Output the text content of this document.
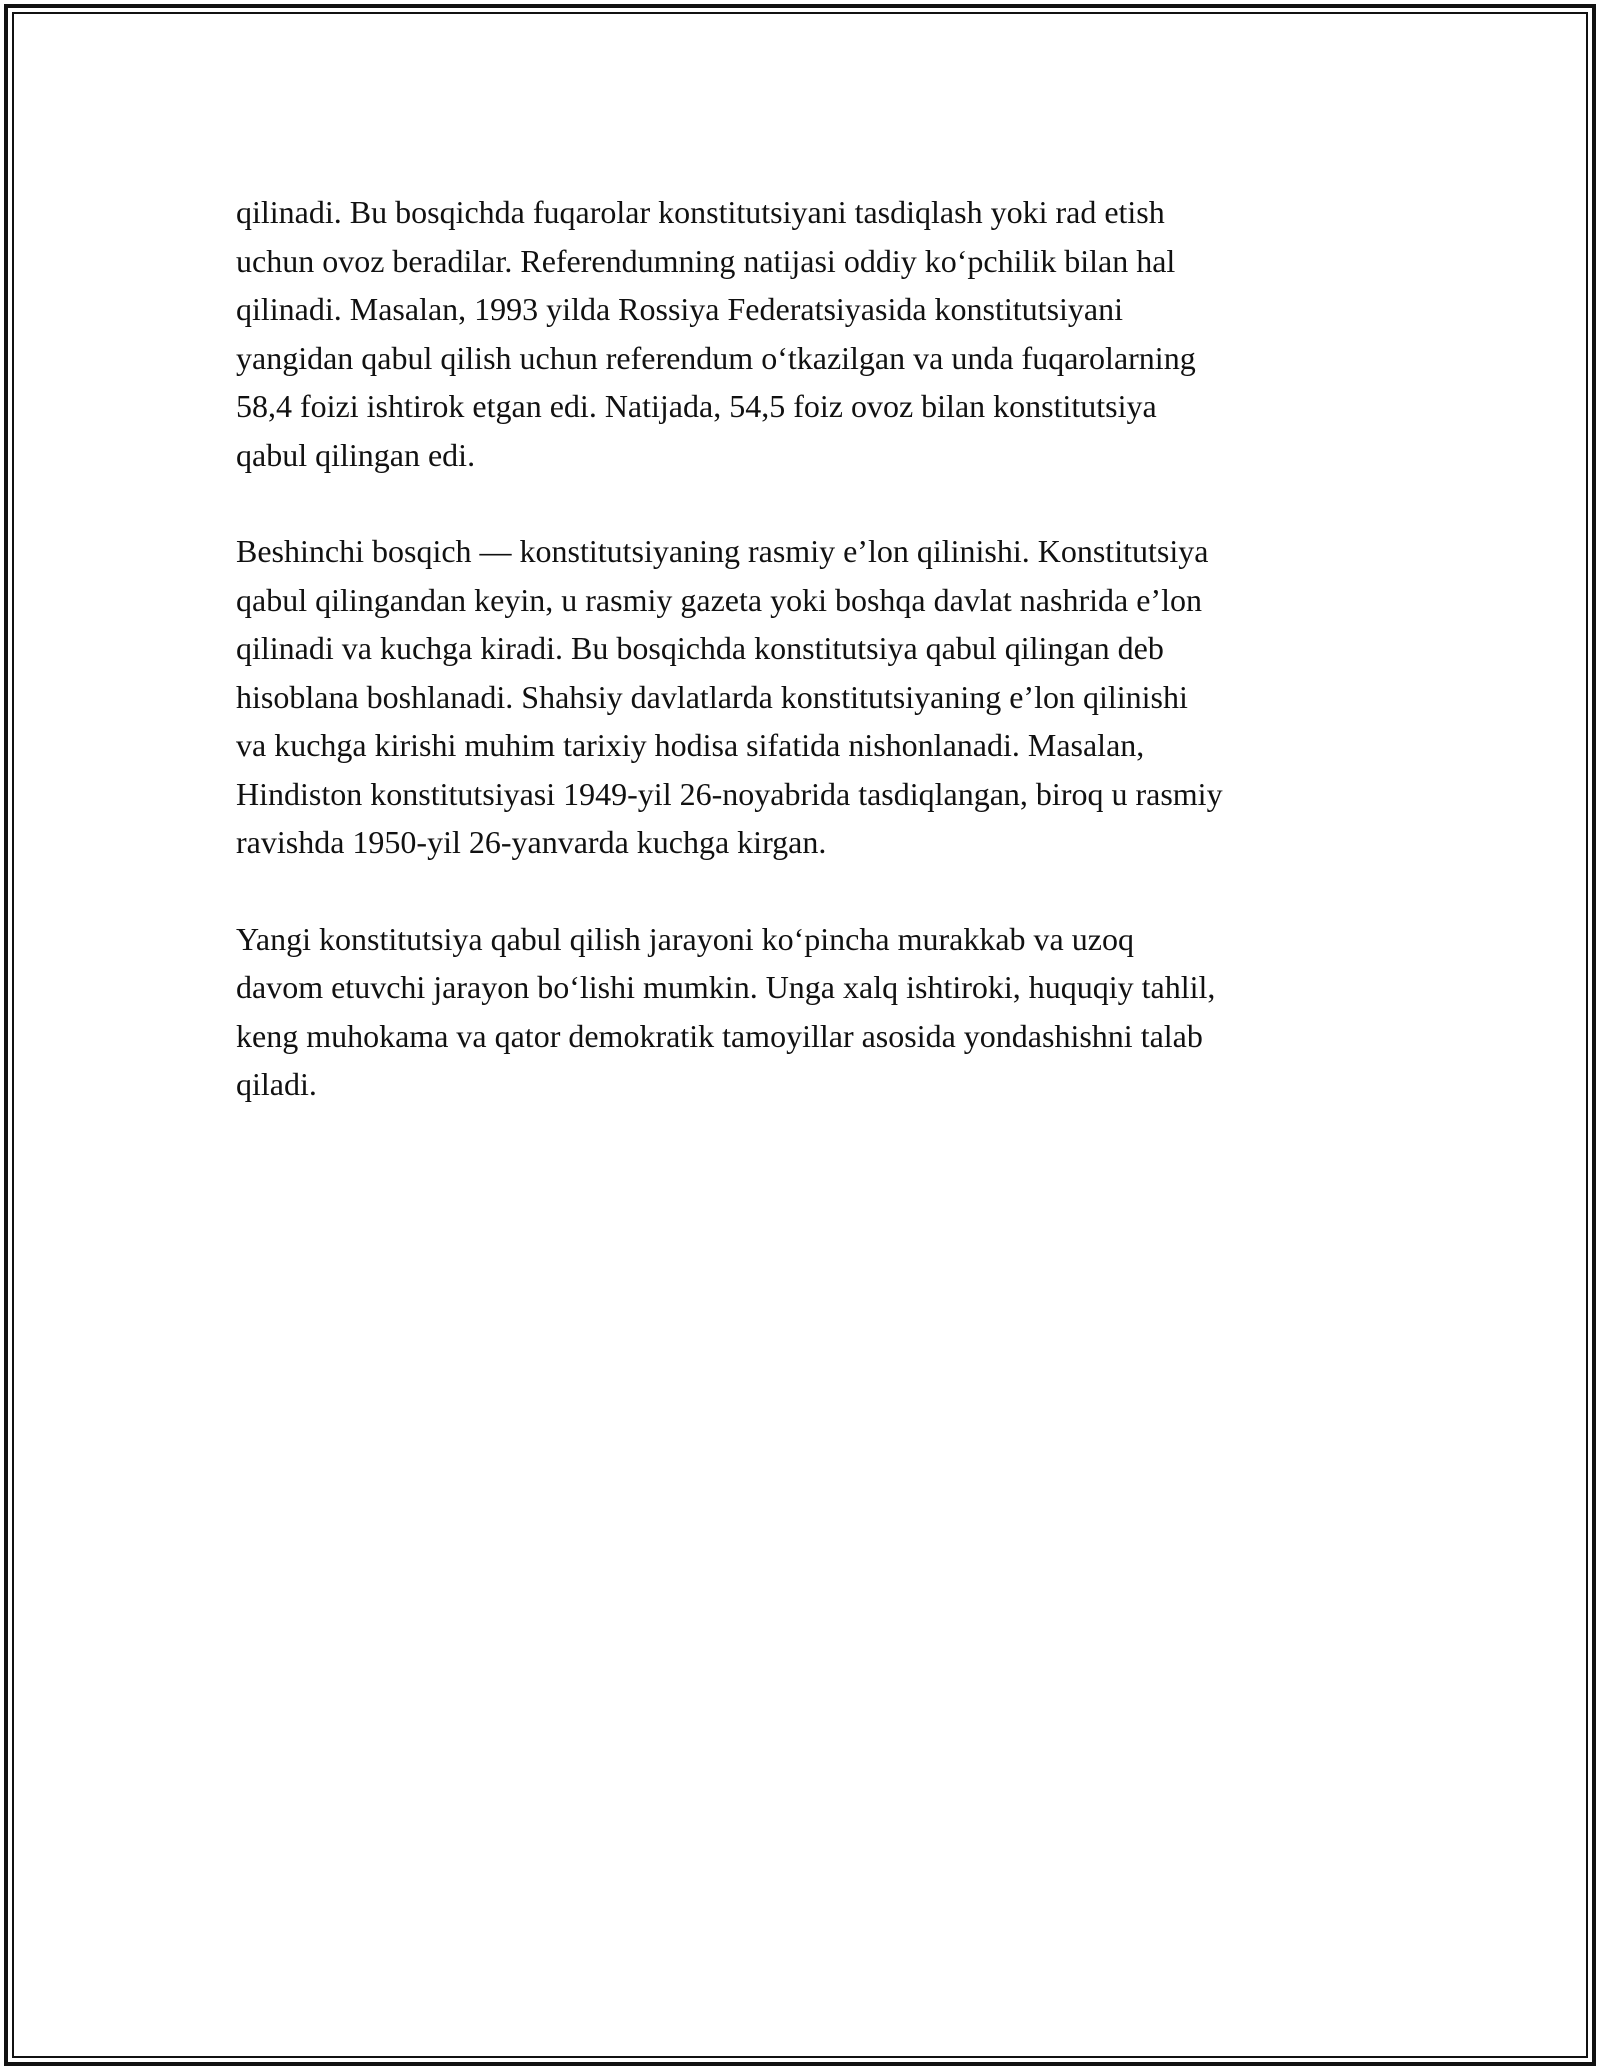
qilinadi. Bu bosqichda fuqarolar konstitutsiyani tasdiqlash yoki rad etish
uchun ovoz beradilar. Referendumning natijasi oddiy ko‘pchilik bilan hal
qilinadi. Masalan, 1993 yilda Rossiya Federatsiyasida konstitutsiyani
yangidan qabul qilish uchun referendum o‘tkazilgan va unda fuqarolarning
58,4 foizi ishtirok etgan edi. Natijada, 54,5 foiz ovoz bilan konstitutsiya
qabul qilingan edi.

Beshinchi bosqich — konstitutsiyaning rasmiy e’lon qilinishi. Konstitutsiya
qabul qilingandan keyin, u rasmiy gazeta yoki boshqa davlat nashrida e’lon
qilinadi va kuchga kiradi. Bu bosqichda konstitutsiya qabul qilingan deb
hisoblana boshlanadi. Shahsiy davlatlarda konstitutsiyaning e’lon qilinishi
va kuchga kirishi muhim tarixiy hodisa sifatida nishonlanadi. Masalan,
Hindiston konstitutsiyasi 1949-yil 26-noyabrida tasdiqlangan, biroq u rasmiy
ravishda 1950-yil 26-yanvarda kuchga kirgan.

Yangi konstitutsiya qabul qilish jarayoni ko‘pincha murakkab va uzoq
davom etuvchi jarayon bo‘lishi mumkin. Unga xalq ishtiroki, huquqiy tahlil,
keng muhokama va qator demokratik tamoyillar asosida yondashishni talab
qiladi.
